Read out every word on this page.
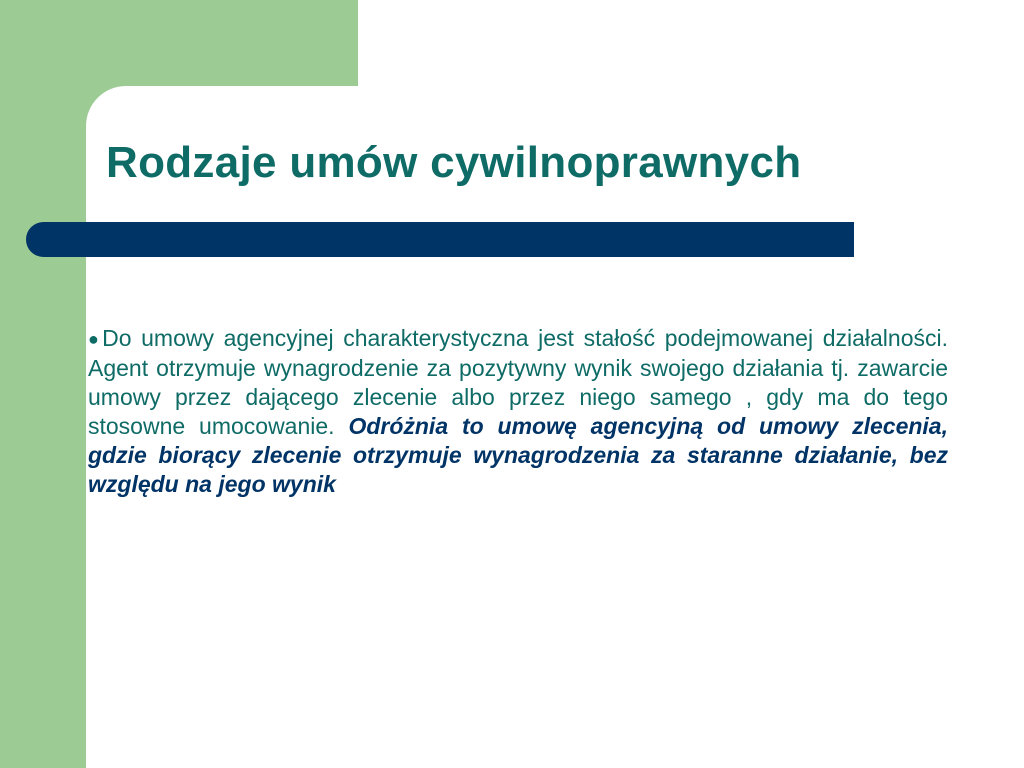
Rodzaje umów cywilnoprawnych

●Do umowy agencyjnej charakterystyczna jest stałość podejmowanej działalności. Agent otrzymuje wynagrodzenie za pozytywny wynik swojego działania tj. zawarcie umowy przez dającego zlecenie albo przez niego samego , gdy ma do tego stosowne umocowanie. Odróżnia to umowę agencyjną od umowy zlecenia, gdzie biorący zlecenie otrzymuje wynagrodzenia za staranne działanie, bez względu na jego wynik
